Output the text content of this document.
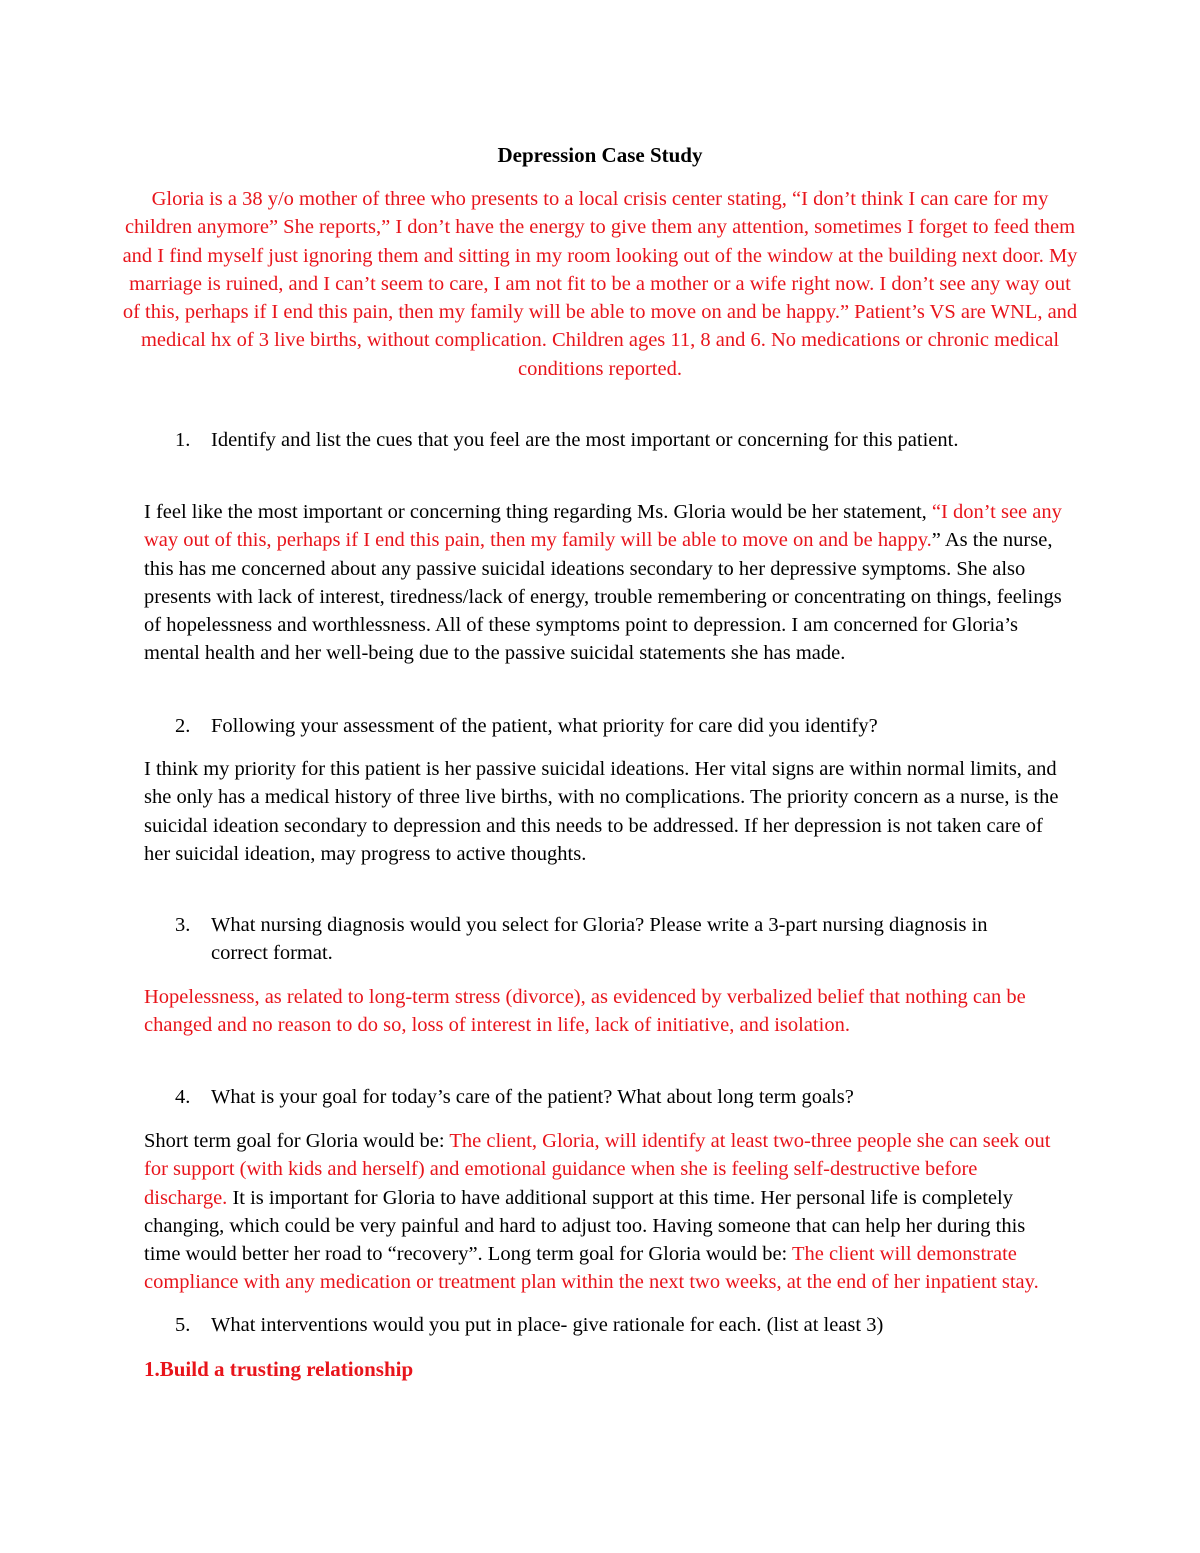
Depression Case Study

Gloria is a 38 y/o mother of three who presents to a local crisis center stating, “I don’t think I can care for my children anymore” She reports,” I don’t have the energy to give them any attention, sometimes I forget to feed them and I find myself just ignoring them and sitting in my room looking out of the window at the building next door. My marriage is ruined, and I can’t seem to care, I am not fit to be a mother or a wife right now. I don’t see any way out of this, perhaps if I end this pain, then my family will be able to move on and be happy.” Patient’s VS are WNL, and medical hx of 3 live births, without complication. Children ages 11, 8 and 6. No medications or chronic medical conditions reported.

1. Identify and list the cues that you feel are the most important or concerning for this patient.

I feel like the most important or concerning thing regarding Ms. Gloria would be her statement, “I don’t see any way out of this, perhaps if I end this pain, then my family will be able to move on and be happy.” As the nurse, this has me concerned about any passive suicidal ideations secondary to her depressive symptoms. She also presents with lack of interest, tiredness/lack of energy, trouble remembering or concentrating on things, feelings of hopelessness and worthlessness. All of these symptoms point to depression. I am concerned for Gloria’s mental health and her well-being due to the passive suicidal statements she has made.

2. Following your assessment of the patient, what priority for care did you identify?

I think my priority for this patient is her passive suicidal ideations. Her vital signs are within normal limits, and she only has a medical history of three live births, with no complications. The priority concern as a nurse, is the suicidal ideation secondary to depression and this needs to be addressed. If her depression is not taken care of her suicidal ideation, may progress to active thoughts.

3. What nursing diagnosis would you select for Gloria? Please write a 3-part nursing diagnosis in correct format.

Hopelessness, as related to long-term stress (divorce), as evidenced by verbalized belief that nothing can be changed and no reason to do so, loss of interest in life, lack of initiative, and isolation.

4. What is your goal for today’s care of the patient? What about long term goals?

Short term goal for Gloria would be: The client, Gloria, will identify at least two-three people she can seek out for support (with kids and herself) and emotional guidance when she is feeling self-destructive before discharge. It is important for Gloria to have additional support at this time. Her personal life is completely changing, which could be very painful and hard to adjust too. Having someone that can help her during this time would better her road to “recovery”. Long term goal for Gloria would be: The client will demonstrate compliance with any medication or treatment plan within the next two weeks, at the end of her inpatient stay.

5. What interventions would you put in place- give rationale for each. (list at least 3)
1.Build a trusting relationship
